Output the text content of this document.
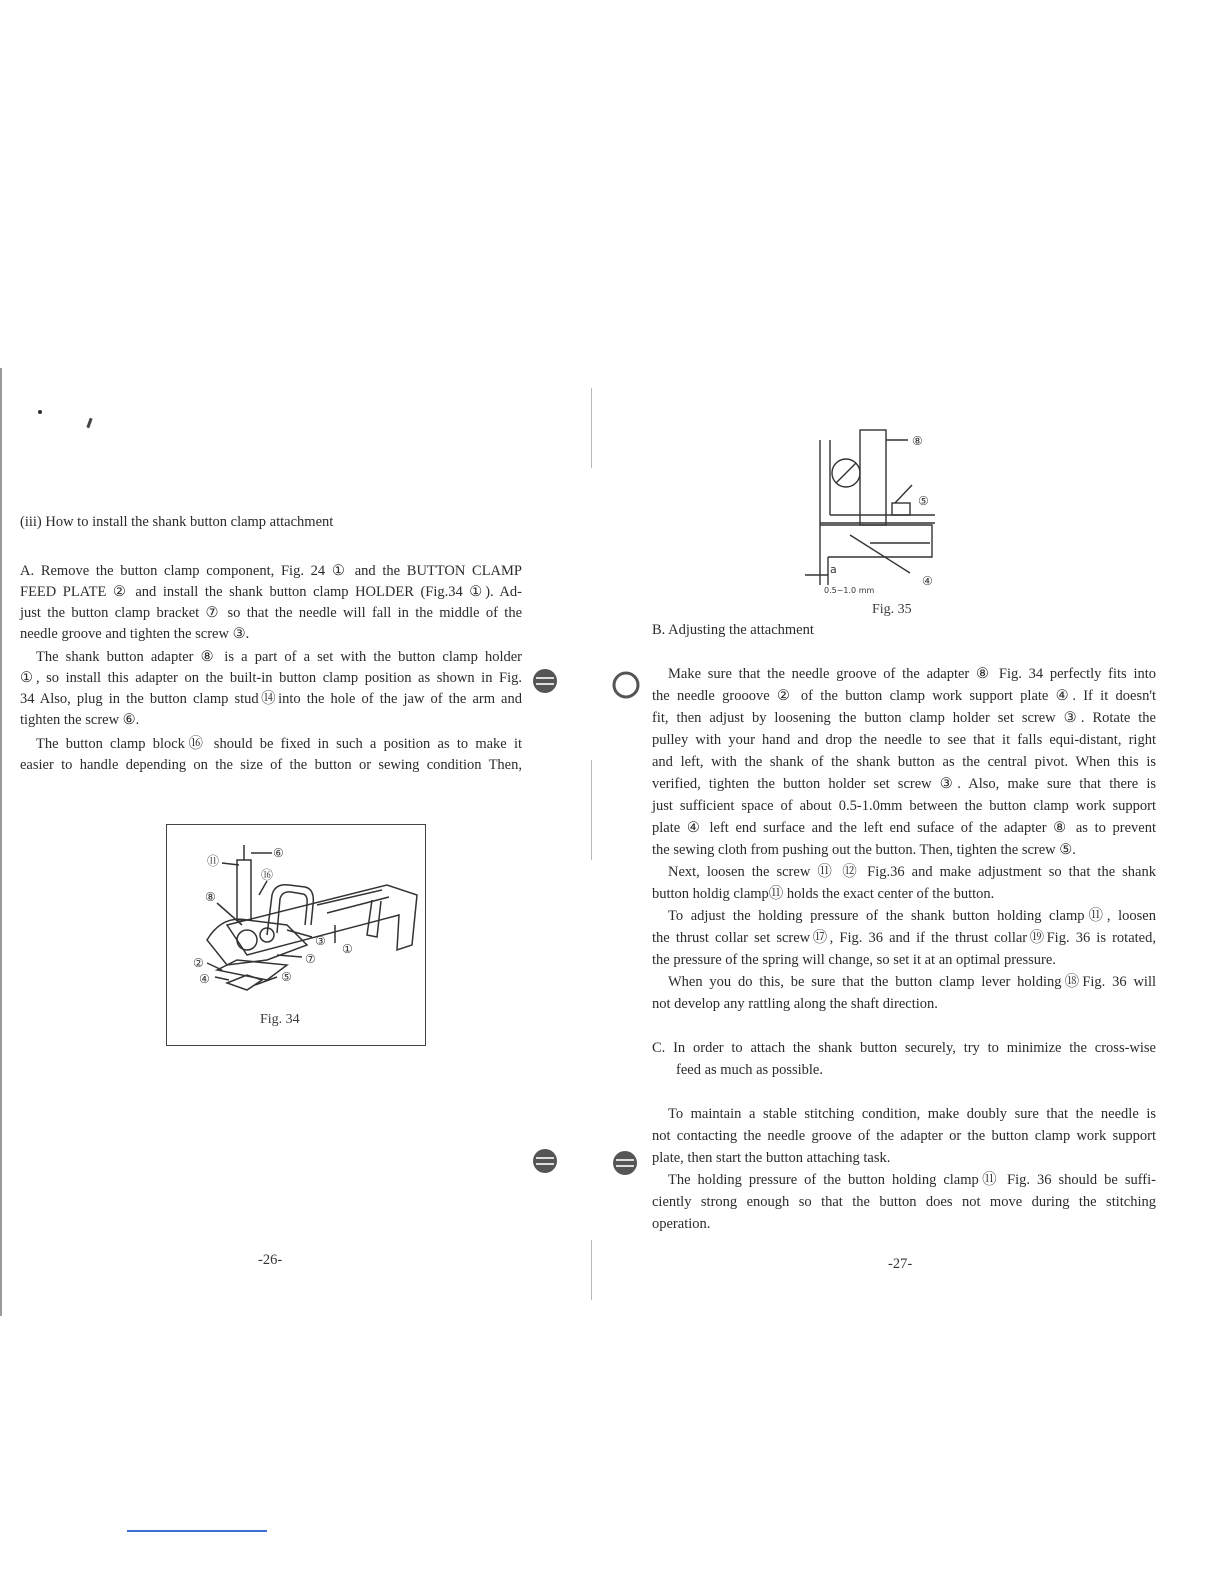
(iii) How to install the shank button clamp attachment
A. Remove the button clamp component, Fig. 24 ① and the BUTTON CLAMP
FEED PLATE ② and install the shank button clamp HOLDER (Fig.34 ①). Ad-
just the button clamp bracket ⑦ so that the needle will fall in the middle of the
needle groove and tighten the screw ③.
The shank button adapter ⑧ is a part of a set with the button clamp holder
①, so install this adapter on the built-in button clamp position as shown in Fig.
34 Also, plug in the button clamp stud⑭into the hole of the jaw of the arm and
tighten the screw ⑥.
The button clamp block⑯ should be fixed in such a position as to make it
easier to handle depending on the size of the button or sewing condition Then,
⑪
⑥
⑯
⑧
③
①
②	⑦
④	⑤
Fig. 34
-26-
⑧
⑤
④
a
0.5~1.0 mm
Fig. 35
B. Adjusting the attachment
Make sure that the needle groove of the adapter ⑧ Fig. 34 perfectly fits into
the needle grooove ② of the button clamp work support plate ④. If it doesn't
fit, then adjust by loosening the button clamp holder set screw ③. Rotate the
pulley with your hand and drop the needle to see that it falls equi-distant, right
and left, with the shank of the shank button as the central pivot. When this is
verified, tighten the button holder set screw ③. Also, make sure that there is
just sufficient space of about 0.5-1.0mm between the button clamp work support
plate ④ left end surface and the left end suface of the adapter ⑧ as to prevent
the sewing cloth from pushing out the button. Then, tighten the screw ⑤.
Next, loosen the screw ⑪ ⑫ Fig.36 and make adjustment so that the shank
button holdig clamp⑪ holds the exact center of the button.
To adjust the holding pressure of the shank button holding clamp⑪, loosen
the thrust collar set screw⑰, Fig. 36 and if the thrust collar⑲Fig. 36 is rotated,
the pressure of the spring will change, so set it at an optimal pressure.
When you do this, be sure that the button clamp lever holding⑱Fig. 36 will
not develop any rattling along the shaft direction.
C. In order to attach the shank button securely, try to minimize the cross-wise
feed as much as possible.
To maintain a stable stitching condition, make doubly sure that the needle is
not contacting the needle groove of the adapter or the button clamp work support
plate, then start the button attaching task.
The holding pressure of the button holding clamp⑪ Fig. 36 should be suffi-
ciently strong enough so that the button does not move during the stitching
operation.
-27-
